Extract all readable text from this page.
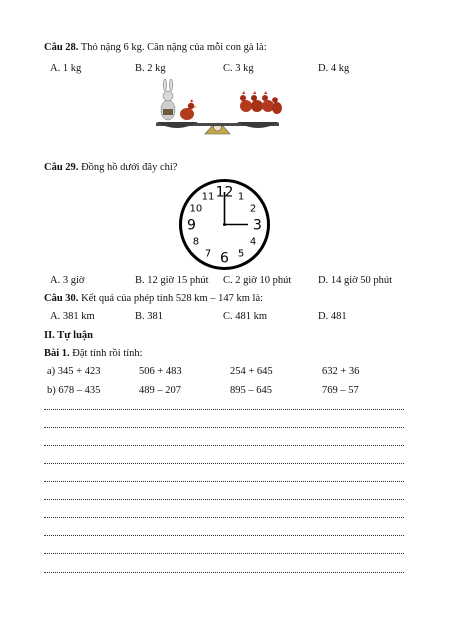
Câu 28. Thỏ nặng 6 kg. Cân nặng của mỗi con gà là:
A. 1 kg	B. 2 kg	C. 3 kg	D. 4 kg
Câu 29. Đồng hồ dưới đây chỉ?
12 1
2
3
4
5
6
7
8
9
10
11
A. 3 giờ	B. 12 giờ 15 phút C. 2 giờ 10 phút	D. 14 giờ 50 phút
Câu 30. Kết quả của phép tính 528 km – 147 km là:
A. 381 km	B. 381	C. 481 km	D. 481
II. Tự luận
Bài 1. Đặt tính rồi tính:
a) 345 + 423	506 + 483	254 + 645	632 + 36
b) 678 – 435	489 – 207	895 – 645	769 – 57
